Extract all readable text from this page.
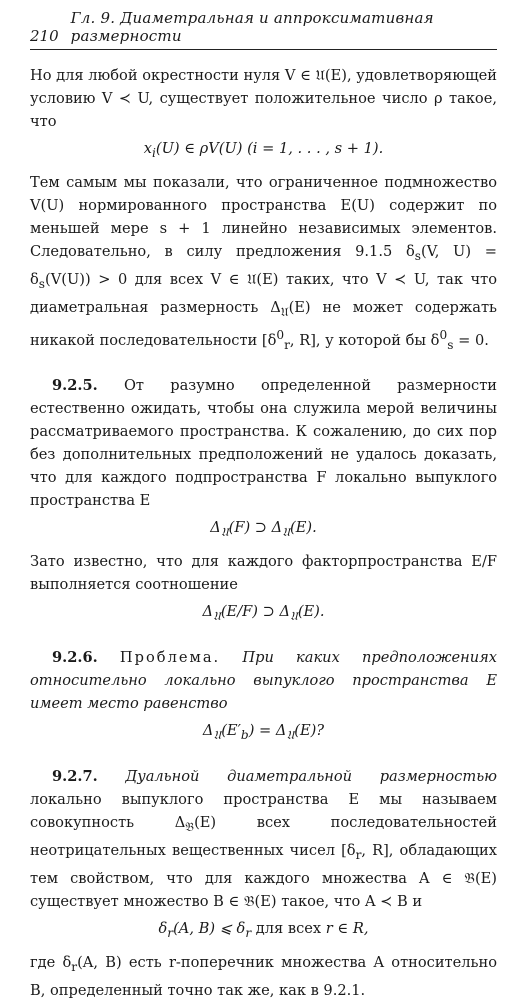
210
Гл. 9. Диаметральная и аппроксимативная размерности

Но для любой окрестности нуля V ∈ 𝔘(E), удовлетворяющей условию V ≺ U, существует положительное число ρ такое, что

$x_i(U)$ ∈ ρV(U) (i = 1, . . . , s + 1).

Тем самым мы показали, что ограниченное подмножество V(U) нормированного пространства E(U) содержит по меньшей мере s + 1 линейно независимых элементов. Следовательно, в силу предложения 9.1.5 $\delta_s(V$, $U) = \delta_s(V(U)) > 0$ для всех V ∈ 𝔘(E) таких, что V ≺ U, так что диаметральная размерность $\Delta_𝔘(E)$ не может содержать никакой последовательности [$\delta^0_r$, R], у которой бы $\delta^0_s = 0$.

9.2.5. От разумно определенной размерности естественно ожидать, чтобы она служила мерой величины рассматриваемого пространства. К сожалению, до сих пор без дополнительных предположений не удалось доказать, что для каждого подпространства F локально выпуклого пространства E

$\Delta_𝔘(F)$ ⊃ $\Delta_𝔘(E)$.

Зато известно, что для каждого факторпространства E/F выполняется соотношение

$\Delta_𝔘(E/F)$ ⊃ $\Delta_𝔘(E)$.

9.2.6. Проблема. При каких предположениях относительно локально выпуклого пространства E имеет место равенство

$\Delta_𝔘(E'_b) = \Delta_𝔘(E)$?

9.2.7. Дуальной диаметральной размерностью локально выпуклого пространства E мы называем совокупность $\Delta_𝔅(E)$ всех последовательностей неотрицательных вещественных чисел [$\delta_r$, R], обладающих тем свойством, что для каждого множества A ∈ 𝔅(E) существует множество B ∈ 𝔅(E) такое, что A ≺ B и

$\delta_r(A$, B) ⩽ $\delta_r$ для всех r ∈ R,

где $\delta_r(A$, B) есть r-поперечник множества A относительно B, определенный точно так же, как в 9.2.1.
